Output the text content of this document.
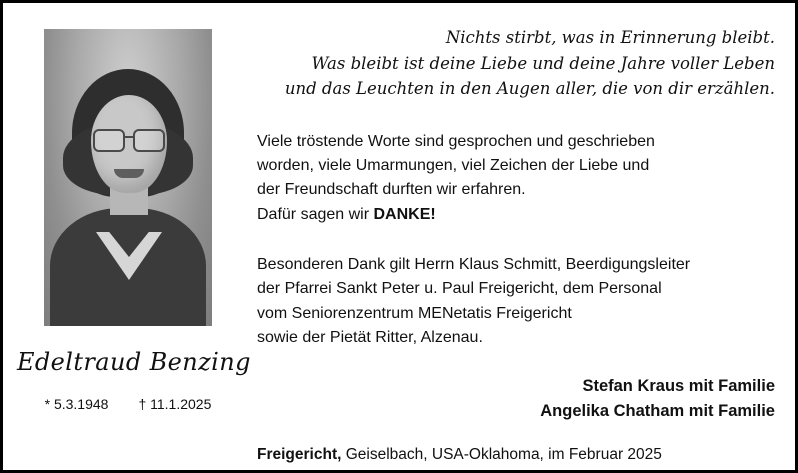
Edeltraud Benzing
* 5.3.1948 † 11.1.2025
Nichts stirbt, was in Erinnerung bleibt.
Was bleibt ist deine Liebe und deine Jahre voller Leben
und das Leuchten in den Augen aller, die von dir erzählen.
Viele tröstende Worte sind gesprochen und geschrieben
worden, viele Umarmungen, viel Zeichen der Liebe und
der Freundschaft durften wir erfahren.
Dafür sagen wir DANKE!
Besonderen Dank gilt Herrn Klaus Schmitt, Beerdigungsleiter
der Pfarrei Sankt Peter u. Paul Freigericht, dem Personal
vom Seniorenzentrum MENetatis Freigericht
sowie der Pietät Ritter, Alzenau.
Stefan Kraus mit Familie
Angelika Chatham mit Familie
Freigericht, Geiselbach, USA-Oklahoma, im Februar 2025
